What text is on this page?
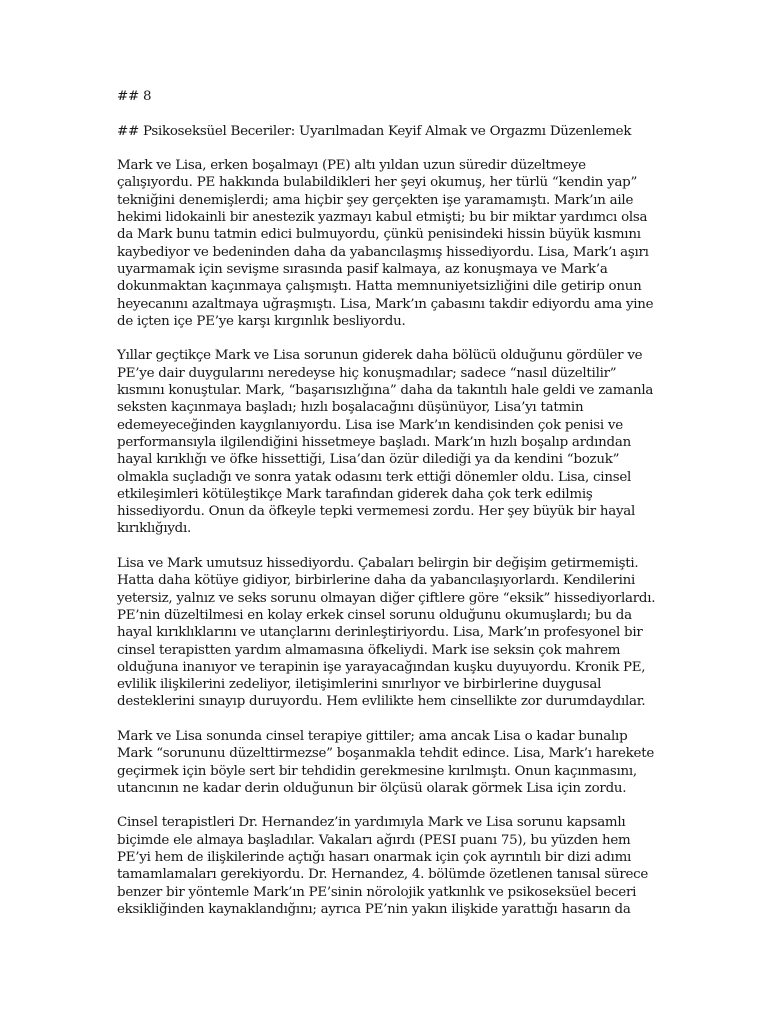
## 8

## Psikoseksüel Beceriler: Uyarılmadan Keyif Almak ve Orgazmı Düzenlemek

Mark ve Lisa, erken boşalmayı (PE) altı yıldan uzun süredir düzeltmeye çalışıyordu. PE hakkında bulabildikleri her şeyi okumuş, her türlü “kendin yap” tekniğini denemişlerdi; ama hiçbir şey gerçekten işe yaramamıştı. Mark’ın aile hekimi lidokainli bir anestezik yazmayı kabul etmişti; bu bir miktar yardımcı olsa da Mark bunu tatmin edici bulmuyordu, çünkü penisindeki hissin büyük kısmını kaybediyor ve bedeninden daha da yabancılaşmış hissediyordu. Lisa, Mark’ı aşırı uyarmamak için sevişme sırasında pasif kalmaya, az konuşmaya ve Mark’a dokunmaktan kaçınmaya çalışmıştı. Hatta memnuniyetsizliğini dile getirip onun heyecanını azaltmaya uğraşmıştı. Lisa, Mark’ın çabasını takdir ediyordu ama yine de içten içe PE’ye karşı kırgınlık besliyordu.

Yıllar geçtikçe Mark ve Lisa sorunun giderek daha bölücü olduğunu gördüler ve PE’ye dair duygularını neredeyse hiç konuşmadılar; sadece “nasıl düzeltilir” kısmını konuştular. Mark, “başarısızlığına” daha da takıntılı hale geldi ve zamanla seksten kaçınmaya başladı; hızlı boşalacağını düşünüyor, Lisa’yı tatmin edemeyeceğinden kaygılanıyordu. Lisa ise Mark’ın kendisinden çok penisi ve performansıyla ilgilendiğini hissetmeye başladı. Mark’ın hızlı boşalıp ardından hayal kırıklığı ve öfke hissettiği, Lisa’dan özür dilediği ya da kendini “bozuk” olmakla suçladığı ve sonra yatak odasını terk ettiği dönemler oldu. Lisa, cinsel etkileşimleri kötüleştikçe Mark tarafından giderek daha çok terk edilmiş hissediyordu. Onun da öfkeyle tepki vermemesi zordu. Her şey büyük bir hayal kırıklığıydı.

Lisa ve Mark umutsuz hissediyordu. Çabaları belirgin bir değişim getirmemişti. Hatta daha kötüye gidiyor, birbirlerine daha da yabancılaşıyorlardı. Kendilerini yetersiz, yalnız ve seks sorunu olmayan diğer çiftlere göre “eksik” hissediyorlardı. PE’nin düzeltilmesi en kolay erkek cinsel sorunu olduğunu okumuşlardı; bu da hayal kırıklıklarını ve utançlarını derinleştiriyordu. Lisa, Mark’ın profesyonel bir cinsel terapistten yardım almamasına öfkeliydi. Mark ise seksin çok mahrem olduğuna inanıyor ve terapinin işe yarayacağından kuşku duyuyordu. Kronik PE, evlilik ilişkilerini zedeliyor, iletişimlerini sınırlıyor ve birbirlerine duygusal desteklerini sınayıp duruyordu. Hem evlilikte hem cinsellikte zor durumdaydılar.

Mark ve Lisa sonunda cinsel terapiye gittiler; ama ancak Lisa o kadar bunalıp Mark “sorununu düzelttirmezse” boşanmakla tehdit edince. Lisa, Mark’ı harekete geçirmek için böyle sert bir tehdidin gerekmesine kırılmıştı. Onun kaçınmasını, utancının ne kadar derin olduğunun bir ölçüsü olarak görmek Lisa için zordu.

Cinsel terapistleri Dr. Hernandez’in yardımıyla Mark ve Lisa sorunu kapsamlı biçimde ele almaya başladılar. Vakaları ağırdı (PESI puanı 75), bu yüzden hem PE’yi hem de ilişkilerinde açtığı hasarı onarmak için çok ayrıntılı bir dizi adımı tamamlamaları gerekiyordu. Dr. Hernandez, 4. bölümde özetlenen tanısal sürece benzer bir yöntemle Mark’ın PE’sinin nörolojik yatkınlık ve psikoseksüel beceri eksikliğinden kaynaklandığını; ayrıca PE’nin yakın ilişkide yarattığı hasarın da
